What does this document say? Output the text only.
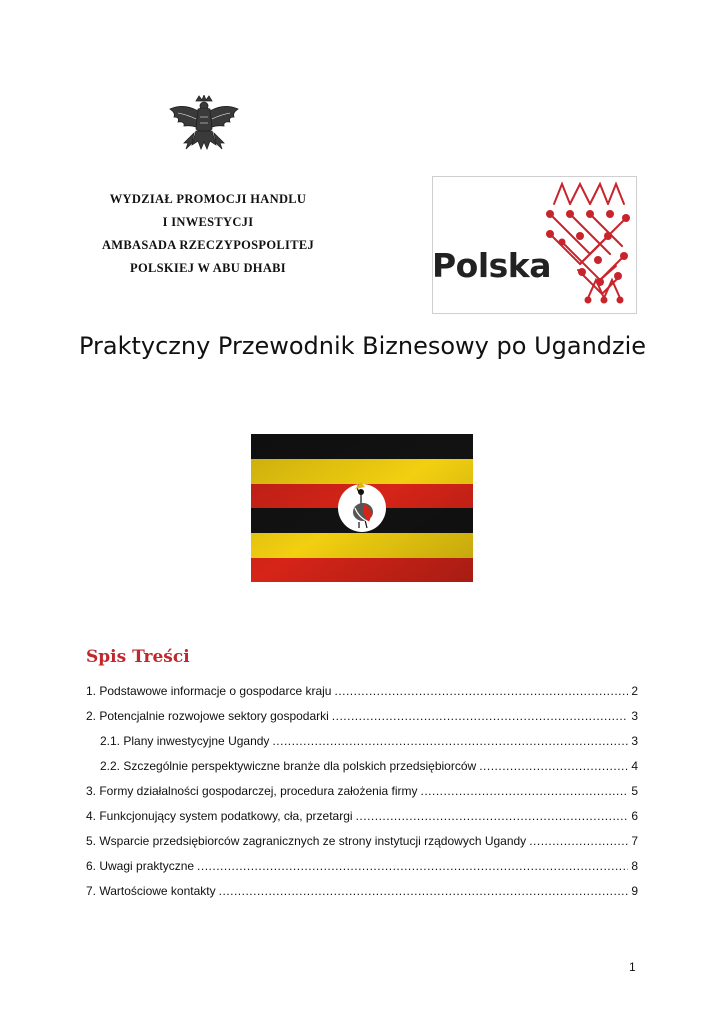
WYDZIAŁ PROMOCJI HANDLU
I INWESTYCJI
AMBASADA RZECZYPOSPOLITEJ
POLSKIEJ W ABU DHABI	Polska
Praktyczny Przewodnik Biznesowy po Ugandzie
Spis Treści
1. Podstawowe informacje o gospodarce kraju .....	2
2. Potencjalnie rozwojowe sektory gospodarki .....	3
2.1. Plany inwestycyjne Ugandy .....	3
2.2. Szczególnie perspektywiczne branże dla polskich przedsiębiorców .....	4
3. Formy działalności gospodarczej, procedura założenia firmy .....	5
4. Funkcjonujący system podatkowy, cła, przetargi .....	6
5. Wsparcie przedsiębiorców zagranicznych ze strony instytucji rządowych Ugandy .....	7
6. Uwagi praktyczne .....	8
7. Wartościowe kontakty .....	9
1
